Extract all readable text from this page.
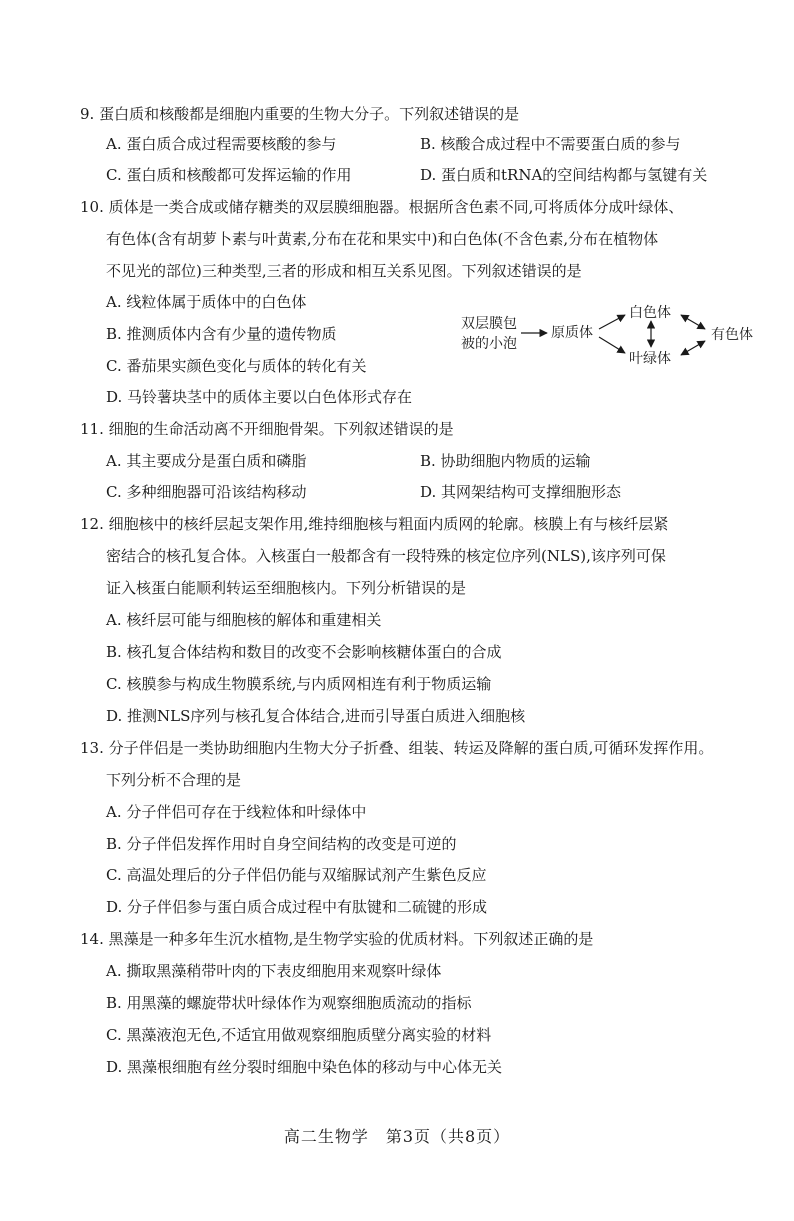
9. 蛋白质和核酸都是细胞内重要的生物大分子。下列叙述错误的是
A. 蛋白质合成过程需要核酸的参与	B. 核酸合成过程中不需要蛋白质的参与
C. 蛋白质和核酸都可发挥运输的作用	D. 蛋白质和tRNA的空间结构都与氢键有关
10. 质体是一类合成或储存糖类的双层膜细胞器。根据所含色素不同,可将质体分成叶绿体、
有色体(含有胡萝卜素与叶黄素,分布在花和果实中)和白色体(不含色素,分布在植物体
不见光的部位)三种类型,三者的形成和相互关系见图。下列叙述错误的是
A. 线粒体属于质体中的白色体
B. 推测质体内含有少量的遗传物质
C. 番茄果实颜色变化与质体的转化有关
D. 马铃薯块茎中的质体主要以白色体形式存在
双层膜包
被的小泡
原质体
白色体
叶绿体
有色体
11. 细胞的生命活动离不开细胞骨架。下列叙述错误的是
A. 其主要成分是蛋白质和磷脂	B. 协助细胞内物质的运输
C. 多种细胞器可沿该结构移动	D. 其网架结构可支撑细胞形态
12. 细胞核中的核纤层起支架作用,维持细胞核与粗面内质网的轮廓。核膜上有与核纤层紧
密结合的核孔复合体。入核蛋白一般都含有一段特殊的核定位序列(NLS),该序列可保
证入核蛋白能顺利转运至细胞核内。下列分析错误的是
A. 核纤层可能与细胞核的解体和重建相关
B. 核孔复合体结构和数目的改变不会影响核糖体蛋白的合成
C. 核膜参与构成生物膜系统,与内质网相连有利于物质运输
D. 推测NLS序列与核孔复合体结合,进而引导蛋白质进入细胞核
13. 分子伴侣是一类协助细胞内生物大分子折叠、组装、转运及降解的蛋白质,可循环发挥作用。
下列分析不合理的是
A. 分子伴侣可存在于线粒体和叶绿体中
B. 分子伴侣发挥作用时自身空间结构的改变是可逆的
C. 高温处理后的分子伴侣仍能与双缩脲试剂产生紫色反应
D. 分子伴侣参与蛋白质合成过程中有肽键和二硫键的形成
14. 黑藻是一种多年生沉水植物,是生物学实验的优质材料。下列叙述正确的是
A. 撕取黑藻稍带叶肉的下表皮细胞用来观察叶绿体
B. 用黑藻的螺旋带状叶绿体作为观察细胞质流动的指标
C. 黑藻液泡无色,不适宜用做观察细胞质壁分离实验的材料
D. 黑藻根细胞有丝分裂时细胞中染色体的移动与中心体无关
高二生物学　第3页（共8页）
